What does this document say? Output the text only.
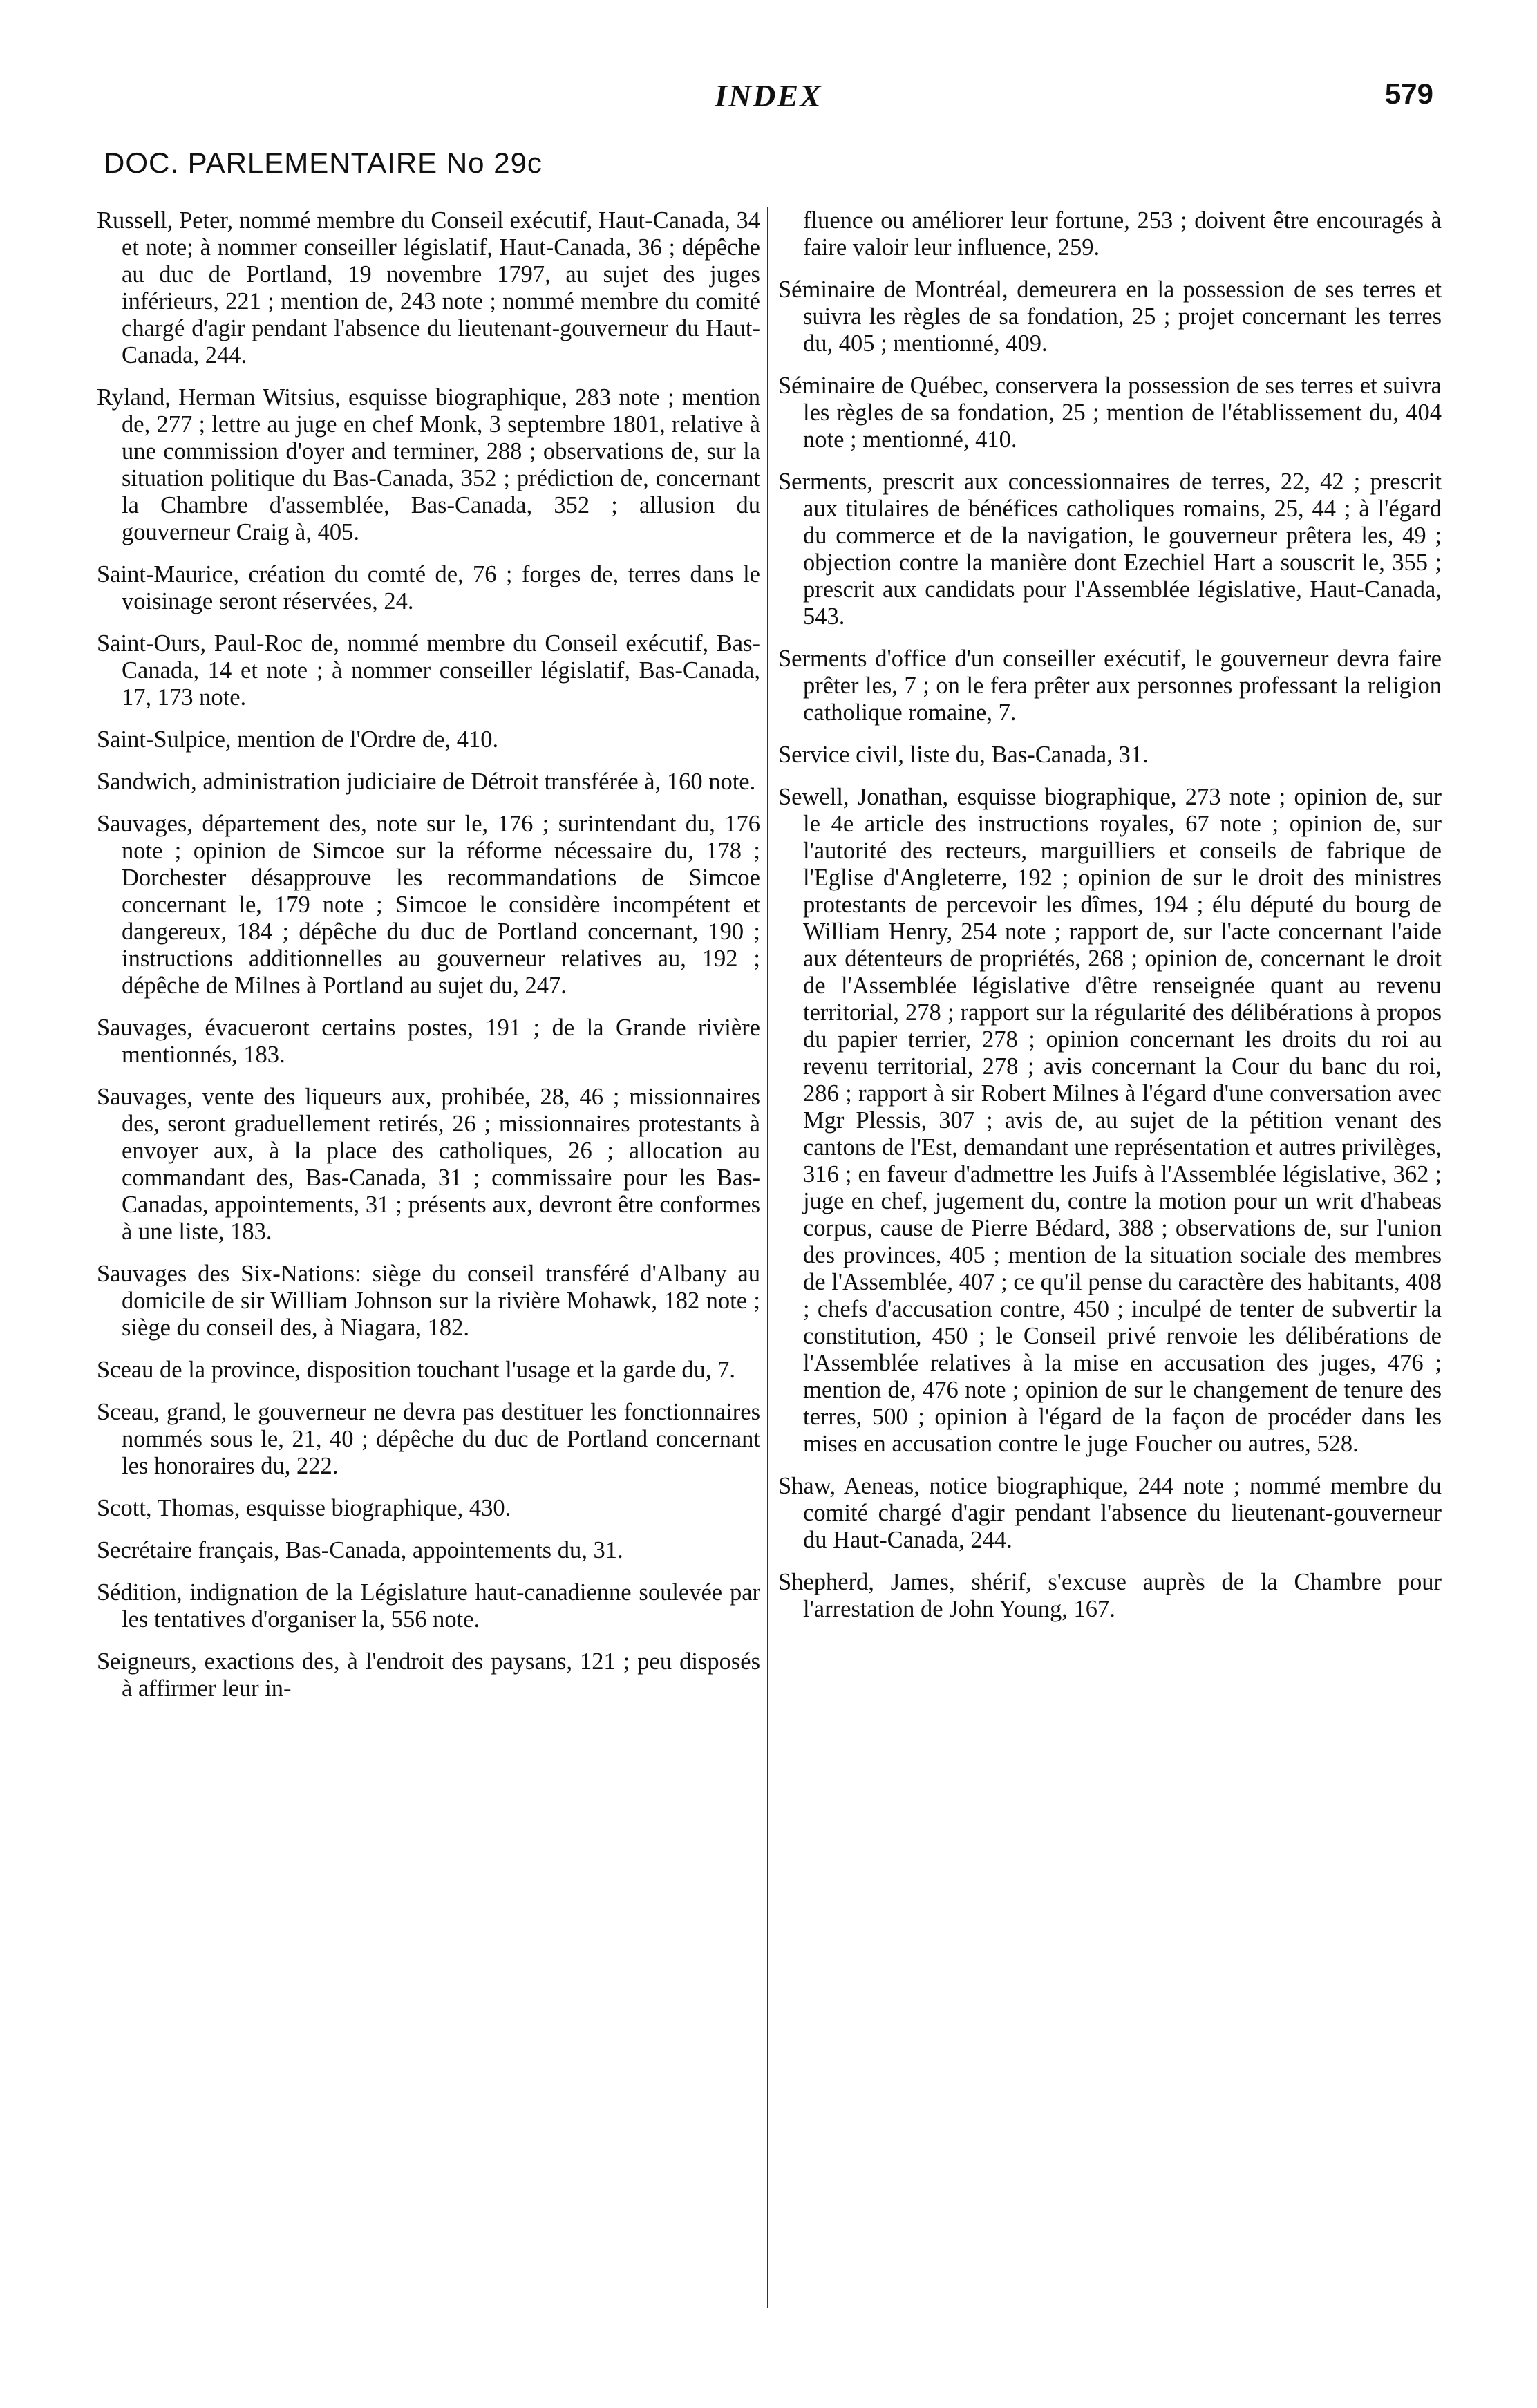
INDEX	579
DOC. PARLEMENTAIRE No 29c

Russell, Peter, nommé membre du Conseil exécutif, Haut-Canada, 34 et note; à nommer conseiller législatif, Haut-Canada, 36 ; dépêche au duc de Portland, 19 novembre 1797, au sujet des juges inférieurs, 221 ; mention de, 243 note ; nommé membre du comité chargé d'agir pendant l'absence du lieutenant-gouverneur du Haut-Canada, 244.

Ryland, Herman Witsius, esquisse biographique, 283 note ; mention de, 277 ; lettre au juge en chef Monk, 3 septembre 1801, relative à une commission d'oyer and terminer, 288 ; observations de, sur la situation politique du Bas-Canada, 352 ; prédiction de, concernant la Chambre d'assemblée, Bas-Canada, 352 ; allusion du gouverneur Craig à, 405.

Saint-Maurice, création du comté de, 76 ; forges de, terres dans le voisinage seront réservées, 24.

Saint-Ours, Paul-Roc de, nommé membre du Conseil exécutif, Bas-Canada, 14 et note ; à nommer conseiller législatif, Bas-Canada, 17, 173 note.

Saint-Sulpice, mention de l'Ordre de, 410.

Sandwich, administration judiciaire de Détroit transférée à, 160 note.

Sauvages, département des, note sur le, 176 ; surintendant du, 176 note ; opinion de Simcoe sur la réforme nécessaire du, 178 ; Dorchester désapprouve les recommandations de Simcoe concernant le, 179 note ; Simcoe le considère incompétent et dangereux, 184 ; dépêche du duc de Portland concernant, 190 ; instructions additionnelles au gouverneur relatives au, 192 ; dépêche de Milnes à Portland au sujet du, 247.

Sauvages, évacueront certains postes, 191 ; de la Grande rivière mentionnés, 183.

Sauvages, vente des liqueurs aux, prohibée, 28, 46 ; missionnaires des, seront graduellement retirés, 26 ; missionnaires protestants à envoyer aux, à la place des catholiques, 26 ; allocation au commandant des, Bas-Canada, 31 ; commissaire pour les Bas-Canadas, appointements, 31 ; présents aux, devront être conformes à une liste, 183.

Sauvages des Six-Nations: siège du conseil transféré d'Albany au domicile de sir William Johnson sur la rivière Mohawk, 182 note ; siège du conseil des, à Niagara, 182.

Sceau de la province, disposition touchant l'usage et la garde du, 7.

Sceau, grand, le gouverneur ne devra pas destituer les fonctionnaires nommés sous le, 21, 40 ; dépêche du duc de Portland concernant les honoraires du, 222.

Scott, Thomas, esquisse biographique, 430.

Secrétaire français, Bas-Canada, appointements du, 31.

Sédition, indignation de la Législature haut-canadienne soulevée par les tentatives d'organiser la, 556 note.

Seigneurs, exactions des, à l'endroit des paysans, 121 ; peu disposés à affirmer leur in-

fluence ou améliorer leur fortune, 253 ; doivent être encouragés à faire valoir leur influence, 259.

Séminaire de Montréal, demeurera en la possession de ses terres et suivra les règles de sa fondation, 25 ; projet concernant les terres du, 405 ; mentionné, 409.

Séminaire de Québec, conservera la possession de ses terres et suivra les règles de sa fondation, 25 ; mention de l'établissement du, 404 note ; mentionné, 410.

Serments, prescrit aux concessionnaires de terres, 22, 42 ; prescrit aux titulaires de bénéfices catholiques romains, 25, 44 ; à l'égard du commerce et de la navigation, le gouverneur prêtera les, 49 ; objection contre la manière dont Ezechiel Hart a souscrit le, 355 ; prescrit aux candidats pour l'Assemblée législative, Haut-Canada, 543.

Serments d'office d'un conseiller exécutif, le gouverneur devra faire prêter les, 7 ; on le fera prêter aux personnes professant la religion catholique romaine, 7.

Service civil, liste du, Bas-Canada, 31.

Sewell, Jonathan, esquisse biographique, 273 note ; opinion de, sur le 4e article des instructions royales, 67 note ; opinion de, sur l'autorité des recteurs, marguilliers et conseils de fabrique de l'Eglise d'Angleterre, 192 ; opinion de sur le droit des ministres protestants de percevoir les dîmes, 194 ; élu député du bourg de William Henry, 254 note ; rapport de, sur l'acte concernant l'aide aux détenteurs de propriétés, 268 ; opinion de, concernant le droit de l'Assemblée législative d'être renseignée quant au revenu territorial, 278 ; rapport sur la régularité des délibérations à propos du papier terrier, 278 ; opinion concernant les droits du roi au revenu territorial, 278 ; avis concernant la Cour du banc du roi, 286 ; rapport à sir Robert Milnes à l'égard d'une conversation avec Mgr Plessis, 307 ; avis de, au sujet de la pétition venant des cantons de l'Est, demandant une représentation et autres privilèges, 316 ; en faveur d'admettre les Juifs à l'Assemblée législative, 362 ; juge en chef, jugement du, contre la motion pour un writ d'habeas corpus, cause de Pierre Bédard, 388 ; observations de, sur l'union des provinces, 405 ; mention de la situation sociale des membres de l'Assemblée, 407 ; ce qu'il pense du caractère des habitants, 408 ; chefs d'accusation contre, 450 ; inculpé de tenter de subvertir la constitution, 450 ; le Conseil privé renvoie les délibérations de l'Assemblée relatives à la mise en accusation des juges, 476 ; mention de, 476 note ; opinion de sur le changement de tenure des terres, 500 ; opinion à l'égard de la façon de procéder dans les mises en accusation contre le juge Foucher ou autres, 528.

Shaw, Aeneas, notice biographique, 244 note ; nommé membre du comité chargé d'agir pendant l'absence du lieutenant-gouverneur du Haut-Canada, 244.

Shepherd, James, shérif, s'excuse auprès de la Chambre pour l'arrestation de John Young, 167.
